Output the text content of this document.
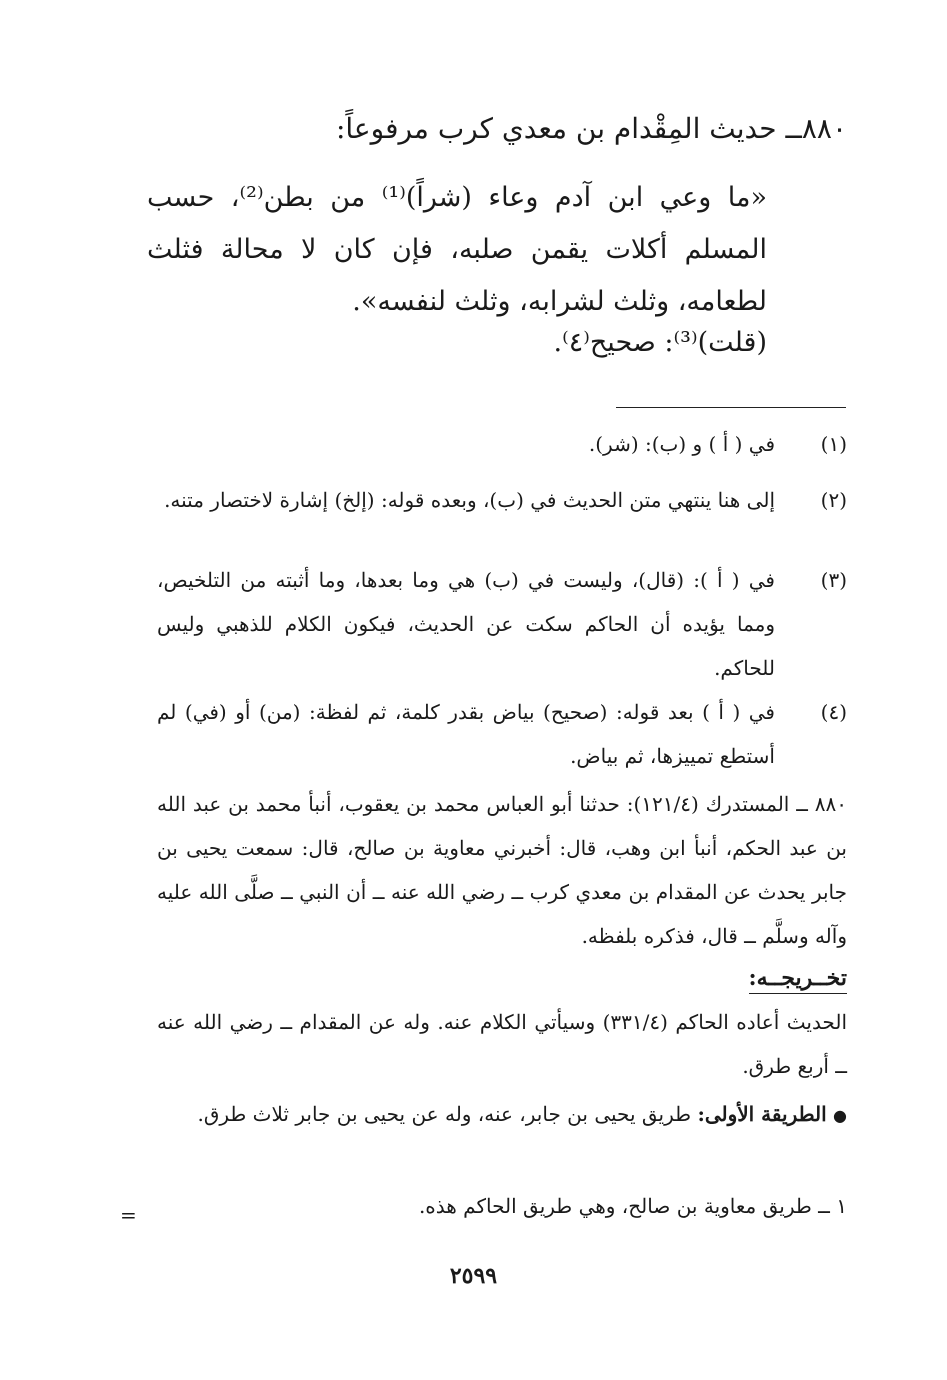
٨٨٠ــ حديث المِقْدام بن معدي كرب مرفوعاً:
«ما وعي ابن آدم وعاء (شراً)⁽¹⁾ من بطن⁽²⁾، حسب المسلم أكلات يقمن صلبه، فإن كان لا محالة فثلث لطعامه، وثلث لشرابه، وثلث لنفسه».
(قلت)⁽³⁾: صحيح⁽٤⁾.
(١)
في ( أ ) و (ب): (شر).
(٢)
إلى هنا ينتهي متن الحديث في (ب)، وبعده قوله: (إلخ) إشارة لاختصار متنه.
(٣)
في ( أ ): (قال)، وليست في (ب) هي وما بعدها، وما أثبته من التلخيص، ومما يؤيده أن الحاكم سكت عن الحديث، فيكون الكلام للذهبي وليس للحاكم.
(٤)
في ( أ ) بعد قوله: (صحيح) بياض بقدر كلمة، ثم لفظة: (من) أو (في) لم أستطع تمييزها، ثم بياض.
٨٨٠ ــ المستدرك (١٢١/٤): حدثنا أبو العباس محمد بن يعقوب، أنبأ محمد بن عبد الله بن عبد الحكم، أنبأ ابن وهب، قال: أخبرني معاوية بن صالح، قال: سمعت يحيى بن جابر يحدث عن المقدام بن معدي كرب ــ رضي الله عنه ــ أن النبي ــ صلَّى الله عليه وآله وسلَّم ــ قال، فذكره بلفظه.
تخــريجــه:
الحديث أعاده الحاكم (٣٣١/٤) وسيأتي الكلام عنه. وله عن المقدام ــ رضي الله عنه ــ أربع طرق.
● الطريقة الأولى: طريق يحيى بن جابر، عنه، وله عن يحيى بن جابر ثلاث طرق.
١ ــ طريق معاوية بن صالح، وهي طريق الحاكم هذه.
=
٢٥٩٩
